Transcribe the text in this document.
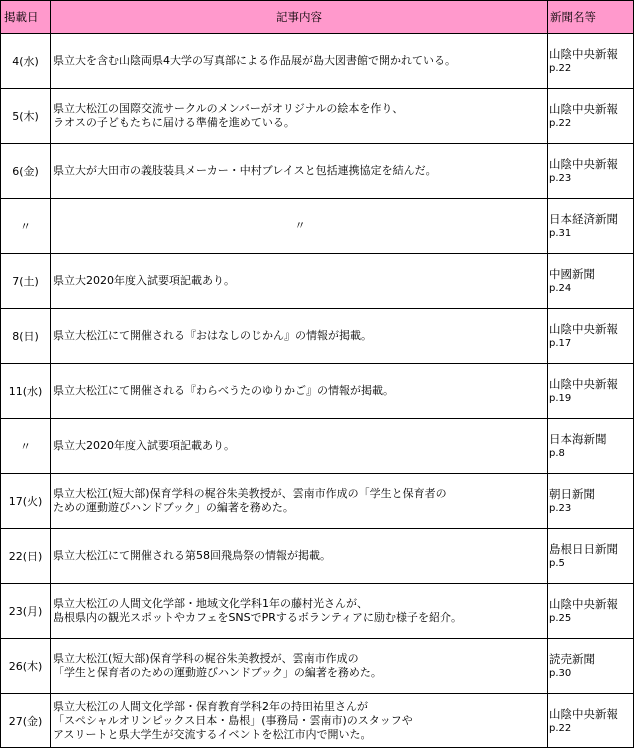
掲載日	記事内容	新聞名等
4(水)	県立大を含む山陰両県4大学の写真部による作品展が島大図書館で開かれている。	山陰中央新報
p.22

5(木)	県立大松江の国際交流サークルのメンバーがオリジナルの絵本を作り、
ラオスの子どもたちに届ける準備を進めている。	山陰中央新報
p.22

6(金)	県立大が大田市の義肢装具メーカー・中村ブレイスと包括連携協定を結んだ。	山陰中央新報
p.23

〃	〃	日本経済新聞
p.31

7(土)	県立大2020年度入試要項記載あり。	中國新聞
p.24

8(日)	県立大松江にて開催される『おはなしのじかん』の情報が掲載。	山陰中央新報
p.17

11(水)	県立大松江にて開催される『わらべうたのゆりかご』の情報が掲載。	山陰中央新報
p.19

〃	県立大2020年度入試要項記載あり。	日本海新聞
p.8

17(火)	県立大松江(短大部)保育学科の梶谷朱美教授が、雲南市作成の「学生と保育者の
ための運動遊びハンドブック」の編著を務めた。	朝日新聞
p.23

22(日)	県立大松江にて開催される第58回飛鳥祭の情報が掲載。	島根日日新聞
p.5

23(月)	県立大松江の人間文化学部・地域文化学科1年の藤村光さんが、
島根県内の観光スポットやカフェをSNSでPRするボランティアに励む様子を紹介。	山陰中央新報
p.25

26(木)	県立大松江(短大部)保育学科の梶谷朱美教授が、雲南市作成の
「学生と保育者のための運動遊びハンドブック」の編著を務めた。	読売新聞
p.30

27(金)	県立大松江の人間文化学部・保育教育学科2年の持田祐里さんが
「スペシャルオリンピックス日本・島根」(事務局・雲南市)のスタッフや
アスリートと県大学生が交流するイベントを松江市内で開いた。	山陰中央新報
p.22
